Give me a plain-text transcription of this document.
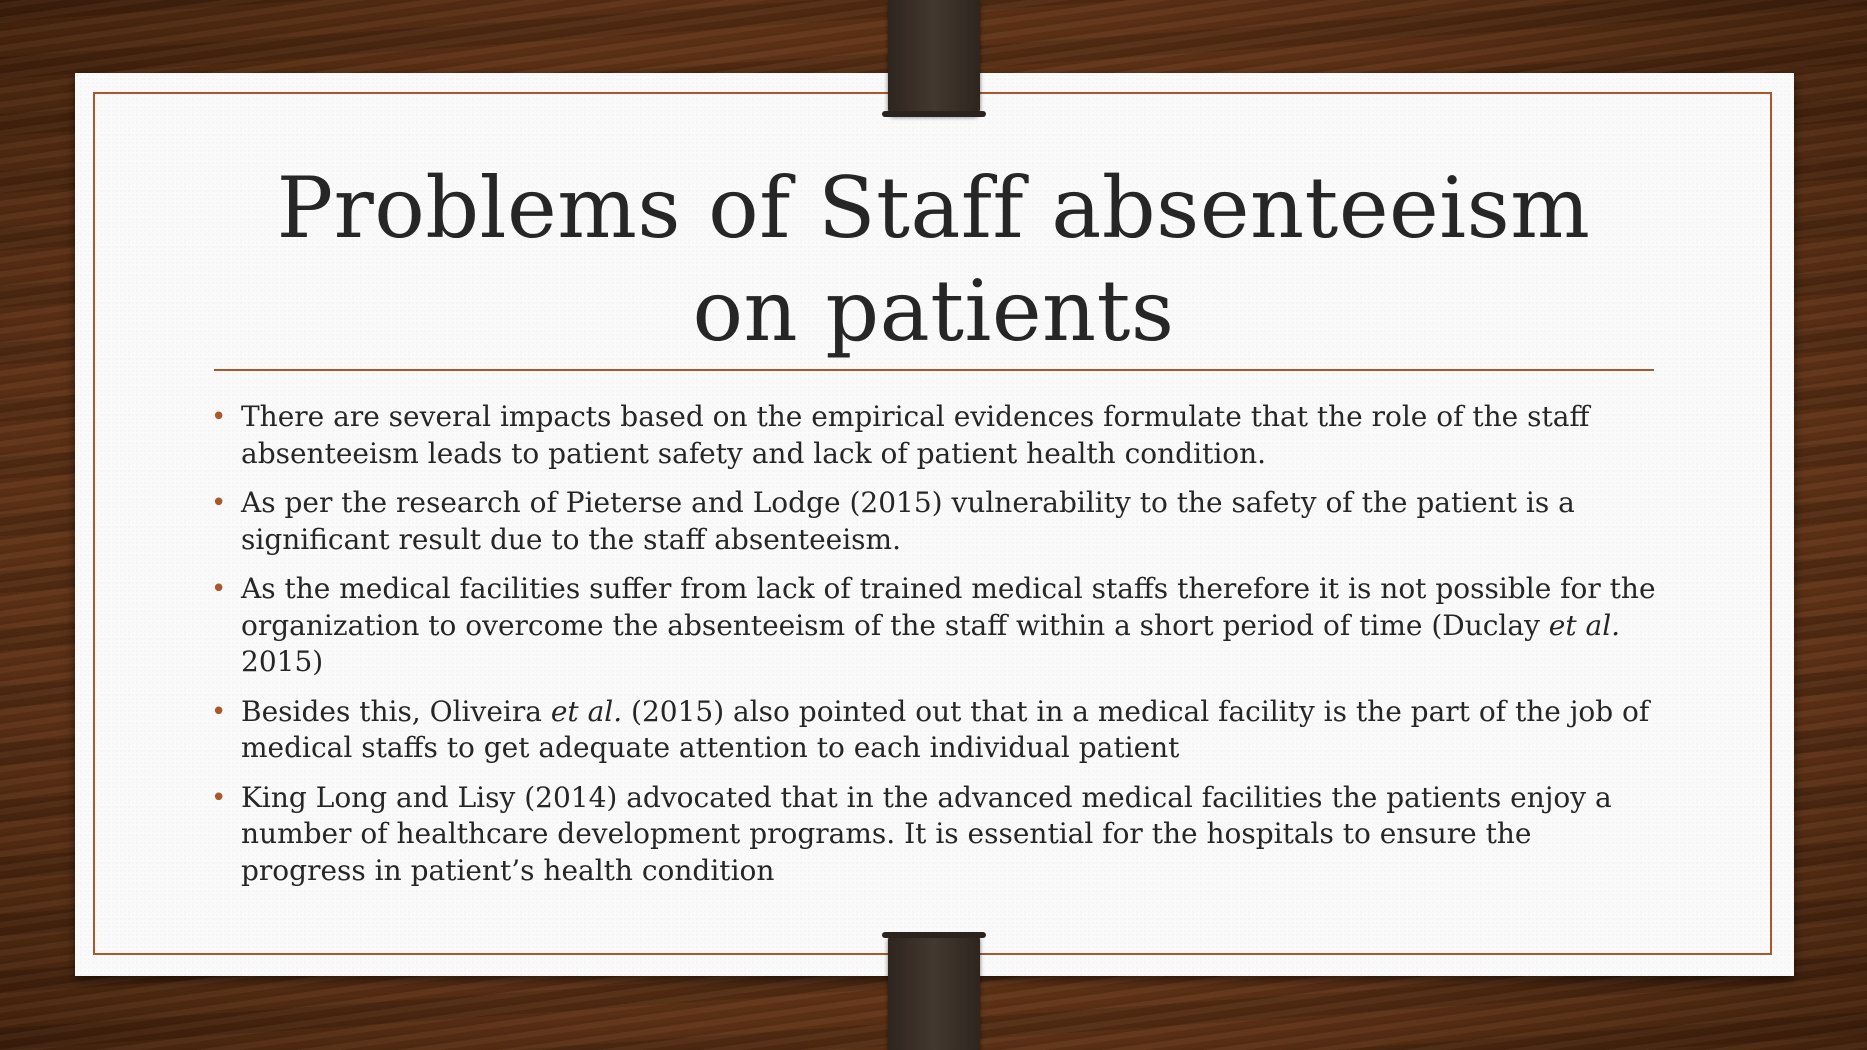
Problems of Staff absenteeism
on patients
• There are several impacts based on the empirical evidences formulate that the role of the staff absenteeism leads to patient safety and lack of patient health condition.
• As per the research of Pieterse and Lodge (2015) vulnerability to the safety of the patient is a significant result due to the staff absenteeism.
• As the medical facilities suffer from lack of trained medical staffs therefore it is not possible for the organization to overcome the absenteeism of the staff within a short period of time (Duclay et al. 2015)
• Besides this, Oliveira et al. (2015) also pointed out that in a medical facility is the part of the job of medical staffs to get adequate attention to each individual patient
• King Long and Lisy (2014) advocated that in the advanced medical facilities the patients enjoy a number of healthcare development programs. It is essential for the hospitals to ensure the progress in patient’s health condition
